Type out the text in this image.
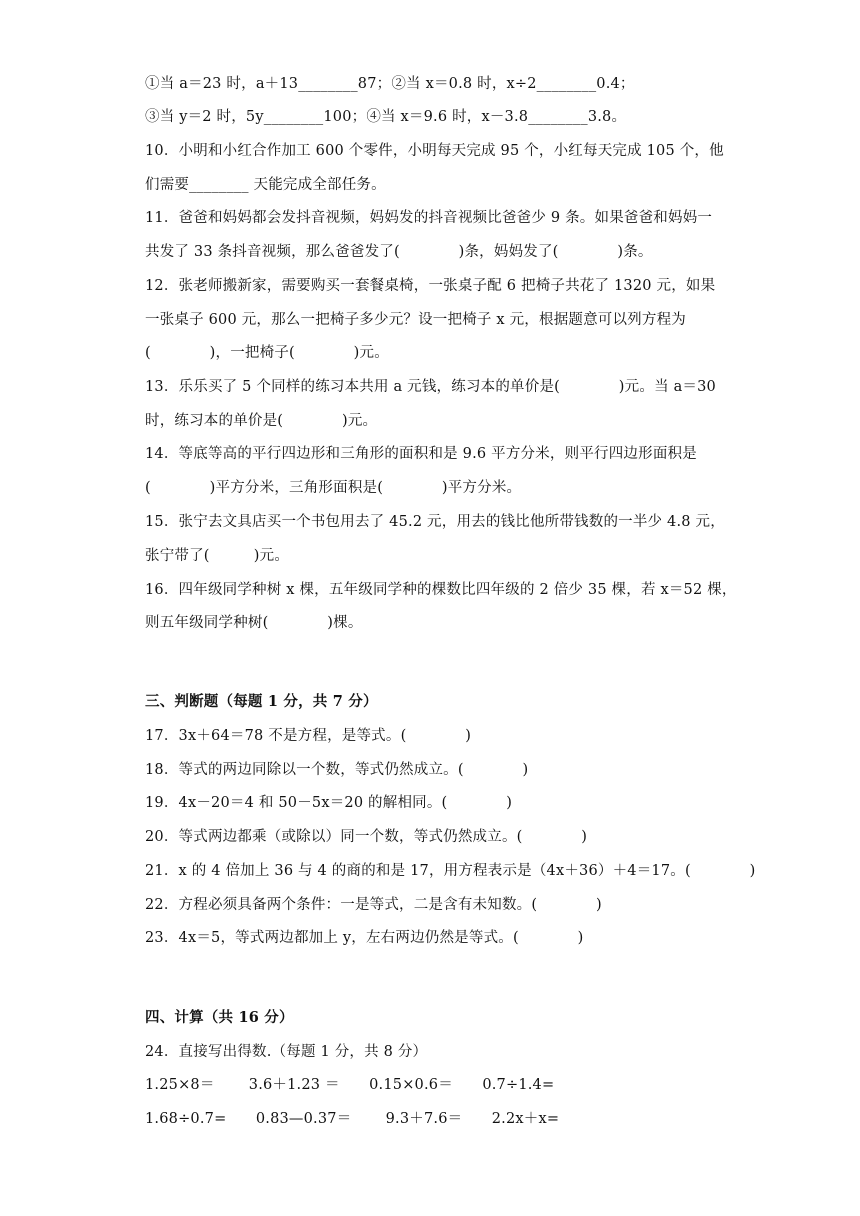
①当 a＝23 时，a＋13________87；②当 x＝0.8 时，x÷2________0.4；
③当 y＝2 时，5y________100；④当 x＝9.6 时，x－3.8________3.8。
10．小明和小红合作加工 600 个零件，小明每天完成 95 个，小红每天完成 105 个，他
们需要________ 天能完成全部任务。
11．爸爸和妈妈都会发抖音视频，妈妈发的抖音视频比爸爸少 9 条。如果爸爸和妈妈一
共发了 33 条抖音视频，那么爸爸发了(　　　　)条，妈妈发了(　　　　)条。
12．张老师搬新家，需要购买一套餐桌椅，一张桌子配 6 把椅子共花了 1320 元，如果
一张桌子 600 元，那么一把椅子多少元？设一把椅子 x 元，根据题意可以列方程为
(　　　　)，一把椅子(　　　　)元。
13．乐乐买了 5 个同样的练习本共用 a 元钱，练习本的单价是(　　　　)元。当 a＝30
时，练习本的单价是(　　　　)元。
14．等底等高的平行四边形和三角形的面积和是 9.6 平方分米，则平行四边形面积是
(　　　　)平方分米，三角形面积是(　　　　)平方分米。
15．张宁去文具店买一个书包用去了 45.2 元，用去的钱比他所带钱数的一半少 4.8 元，
张宁带了(　　　)元。
16．四年级同学种树 x 棵，五年级同学种的棵数比四年级的 2 倍少 35 棵，若 x＝52 棵，
则五年级同学种树(　　　　)棵。
三、判断题（每题 1 分，共 7 分）
17．3x＋64＝78 不是方程，是等式。(　　　　)
18．等式的两边同除以一个数，等式仍然成立。(　　　　)
19．4x－20＝4 和 50－5x＝20 的解相同。(　　　　)
20．等式两边都乘（或除以）同一个数，等式仍然成立。(　　　　)
21．x 的 4 倍加上 36 与 4 的商的和是 17，用方程表示是（4x＋36）＋4＝17。(　　　　)
22．方程必须具备两个条件：一是等式，二是含有未知数。(　　　　)
23．4x＝5，等式两边都加上 y，左右两边仍然是等式。(　　　　)
四、计算（共 16 分）
24．直接写出得数.（每题 1 分，共 8 分）
1.25×8＝　　 3.6＋1.23 ＝　　0.15×0.6＝　　0.7÷1.4=
1.68÷0.7=　　0.83—0.37＝　　 9.3＋7.6＝　　2.2x＋x=
